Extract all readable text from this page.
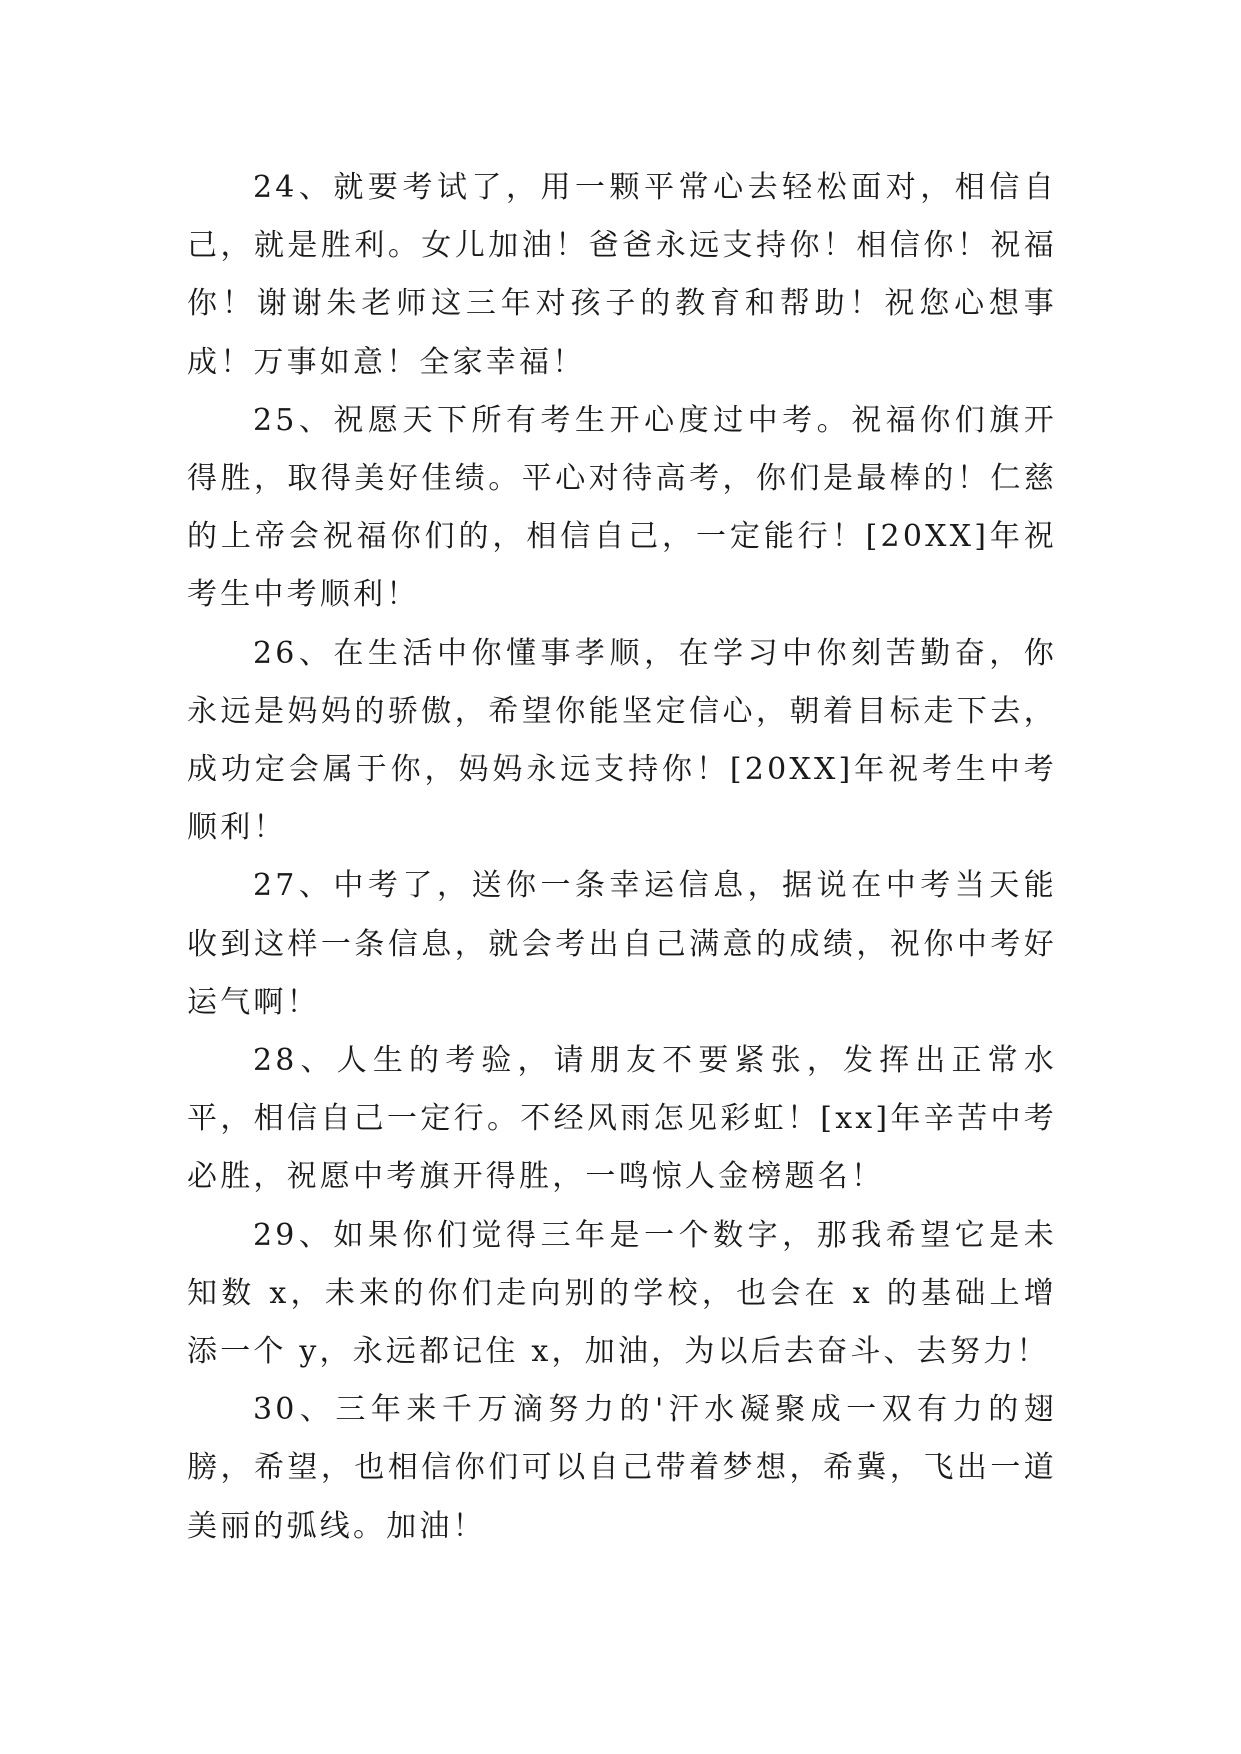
24、就要考试了，用一颗平常心去轻松面对，相信自己，就是胜利。女儿加油！爸爸永远支持你！相信你！祝福你！谢谢朱老师这三年对孩子的教育和帮助！祝您心想事成！万事如意！全家幸福！

25、祝愿天下所有考生开心度过中考。祝福你们旗开得胜，取得美好佳绩。平心对待高考，你们是最棒的！仁慈的上帝会祝福你们的，相信自己，一定能行！[20XX]年祝考生中考顺利！

26、在生活中你懂事孝顺，在学习中你刻苦勤奋，你永远是妈妈的骄傲，希望你能坚定信心，朝着目标走下去，成功定会属于你，妈妈永远支持你！[20XX]年祝考生中考顺利！

27、中考了，送你一条幸运信息，据说在中考当天能收到这样一条信息，就会考出自己满意的成绩，祝你中考好运气啊！

28、人生的考验，请朋友不要紧张，发挥出正常水平，相信自己一定行。不经风雨怎见彩虹！[xx]年辛苦中考必胜，祝愿中考旗开得胜，一鸣惊人金榜题名！

29、如果你们觉得三年是一个数字，那我希望它是未知数 x，未来的你们走向别的学校，也会在 x 的基础上增添一个 y，永远都记住 x，加油，为以后去奋斗、去努力！

30、三年来千万滴努力的'汗水凝聚成一双有力的翅膀，希望，也相信你们可以自己带着梦想，希冀，飞出一道美丽的弧线。加油！
